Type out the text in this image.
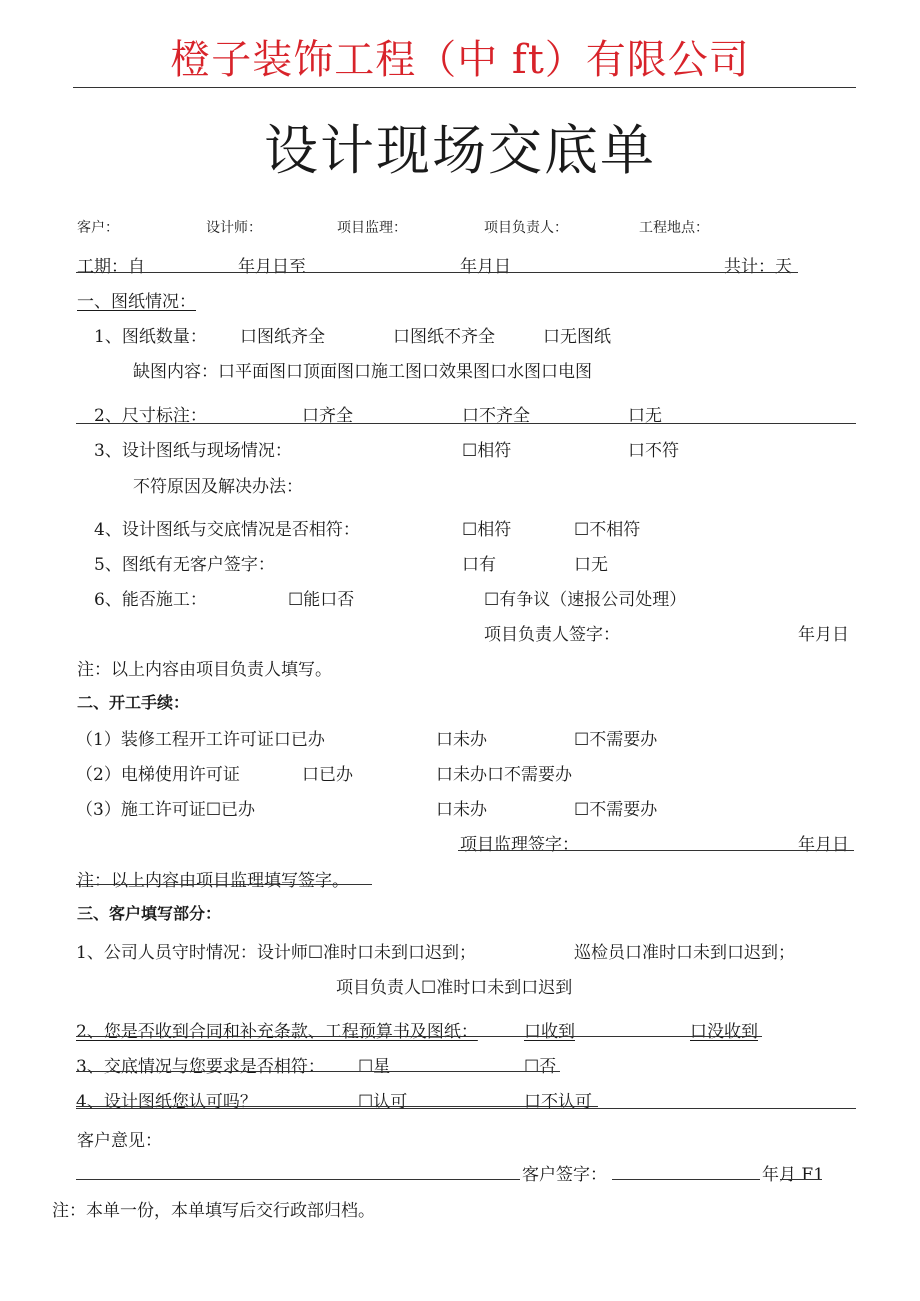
橙子装饰工程（中 ft）有限公司
设计现场交底单
客户：	设计师：	项目监理：	项目负责人：	工程地点：
工期：自	年月日至	年月日	共计：天
一、图纸情况：
1、图纸数量： 口图纸齐全	口图纸不齐全	口无图纸
缺图内容：口平面图口顶面图口施工图口效果图口水图口电图
2、尺寸标注：	口齐全	口不齐全	口无
3、设计图纸与现场情况：	☐相符	口不符
不符原因及解决办法：
4、设计图纸与交底情况是否相符：	☐相符	☐不相符
5、图纸有无客户签字：	口有	口无
6、能否施工：	☐能口否	☐有争议（速报公司处理）
项目负责人签字：	年月日
注：以上内容由项目负责人填写。
二、开工手续：
（1）装修工程开工许可证口已办	口未办	☐不需要办
（2）电梯使用许可证	口已办	口未办口不需要办
（3）施工许可证☐已办	口未办	☐不需要办
项目监理签字：	年月日
注：以上内容由项目监理填写签字。
三、客户填写部分：
1、公司人员守时情况：设计师☐准时口未到口迟到；	巡检员口准时口未到口迟到；
项目负责人☐准时口未到口迟到
2、您是否收到合同和补充条款、工程预算书及图纸：	口收到	口没收到
3、交底情况与您要求是否相符： ☐星	☐否
4、设计图纸您认可吗？	☐认可	口不认可
客户意见：
客户签字：	年月 F1
注：本单一份，本单填写后交行政部归档。
